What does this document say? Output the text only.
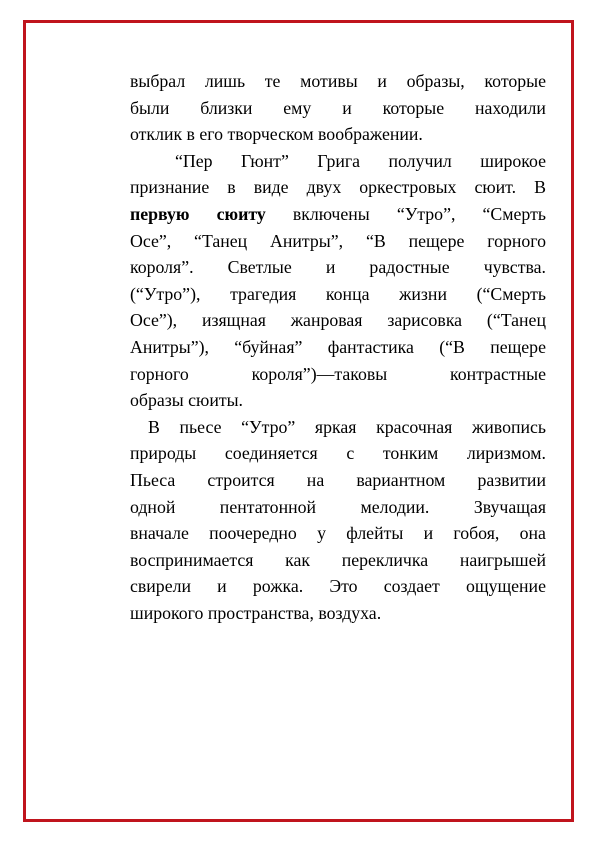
выбрал лишь те мотивы и образы, которые
были близки ему и которые находили
отклик в его творческом воображении.
“Пер Гюнт” Грига получил широкое
признание в виде двух оркестровых сюит. В
первую сюиту включены “Утро”, “Смерть
Осе”, “Танец Анитры”, “В пещере горного
короля”. Светлые и радостные чувства.
(“Утро”), трагедия конца жизни (“Смерть
Осе”), изящная жанровая зарисовка (“Танец
Анитры”), “буйная” фантастика (“В пещере
горного	короля”)—таковы	контрастные
образы сюиты.
В пьесе “Утро” яркая красочная живопись
природы соединяется с тонким лиризмом.
Пьеса строится на вариантном развитии
одной пентатонной мелодии. Звучащая
вначале поочередно у флейты и гобоя, она
воспринимается как перекличка наигрышей
свирели и рожка. Это создает ощущение
широкого пространства, воздуха.
